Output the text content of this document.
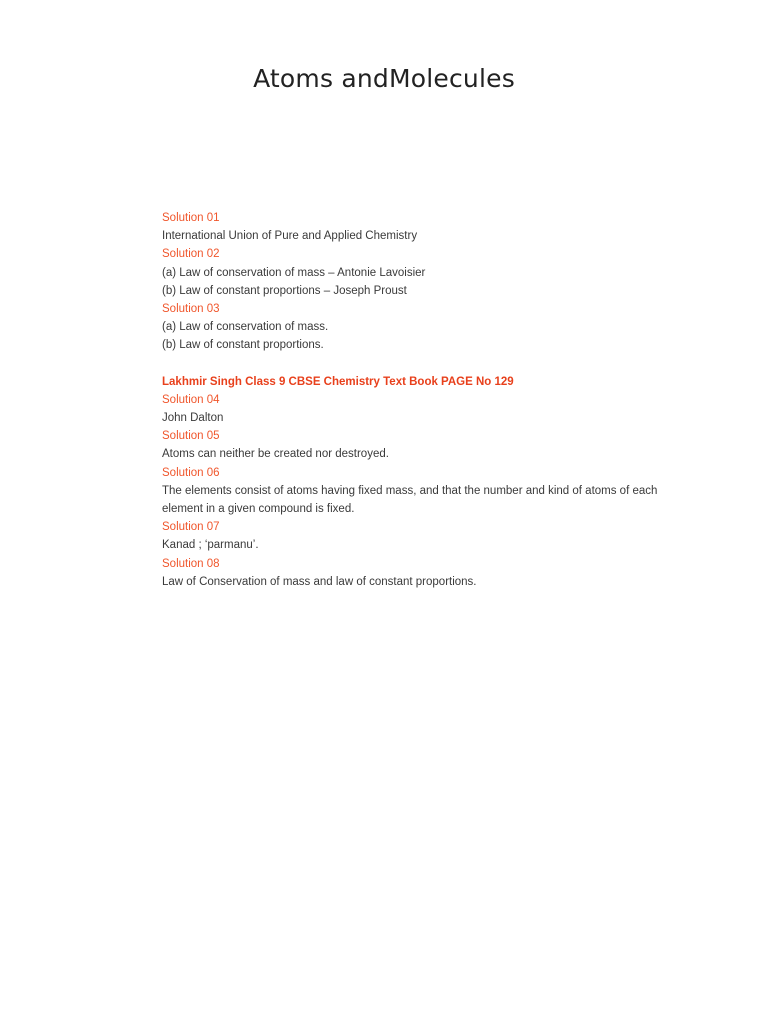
Atoms andMolecules
Solution 01
International Union of Pure and Applied Chemistry
Solution 02
(a) Law of conservation of mass – Antonie Lavoisier
(b) Law of constant proportions – Joseph Proust
Solution 03
(a) Law of conservation of mass.
(b) Law of constant proportions.
Lakhmir Singh Class 9 CBSE Chemistry Text Book PAGE No 129
Solution 04
John Dalton
Solution 05
Atoms can neither be created nor destroyed.
Solution 06
The elements consist of atoms having fixed mass, and that the number and kind of atoms of each element in a given compound is fixed.
Solution 07
Kanad ; ‘parmanu’.
Solution 08
Law of Conservation of mass and law of constant proportions.
